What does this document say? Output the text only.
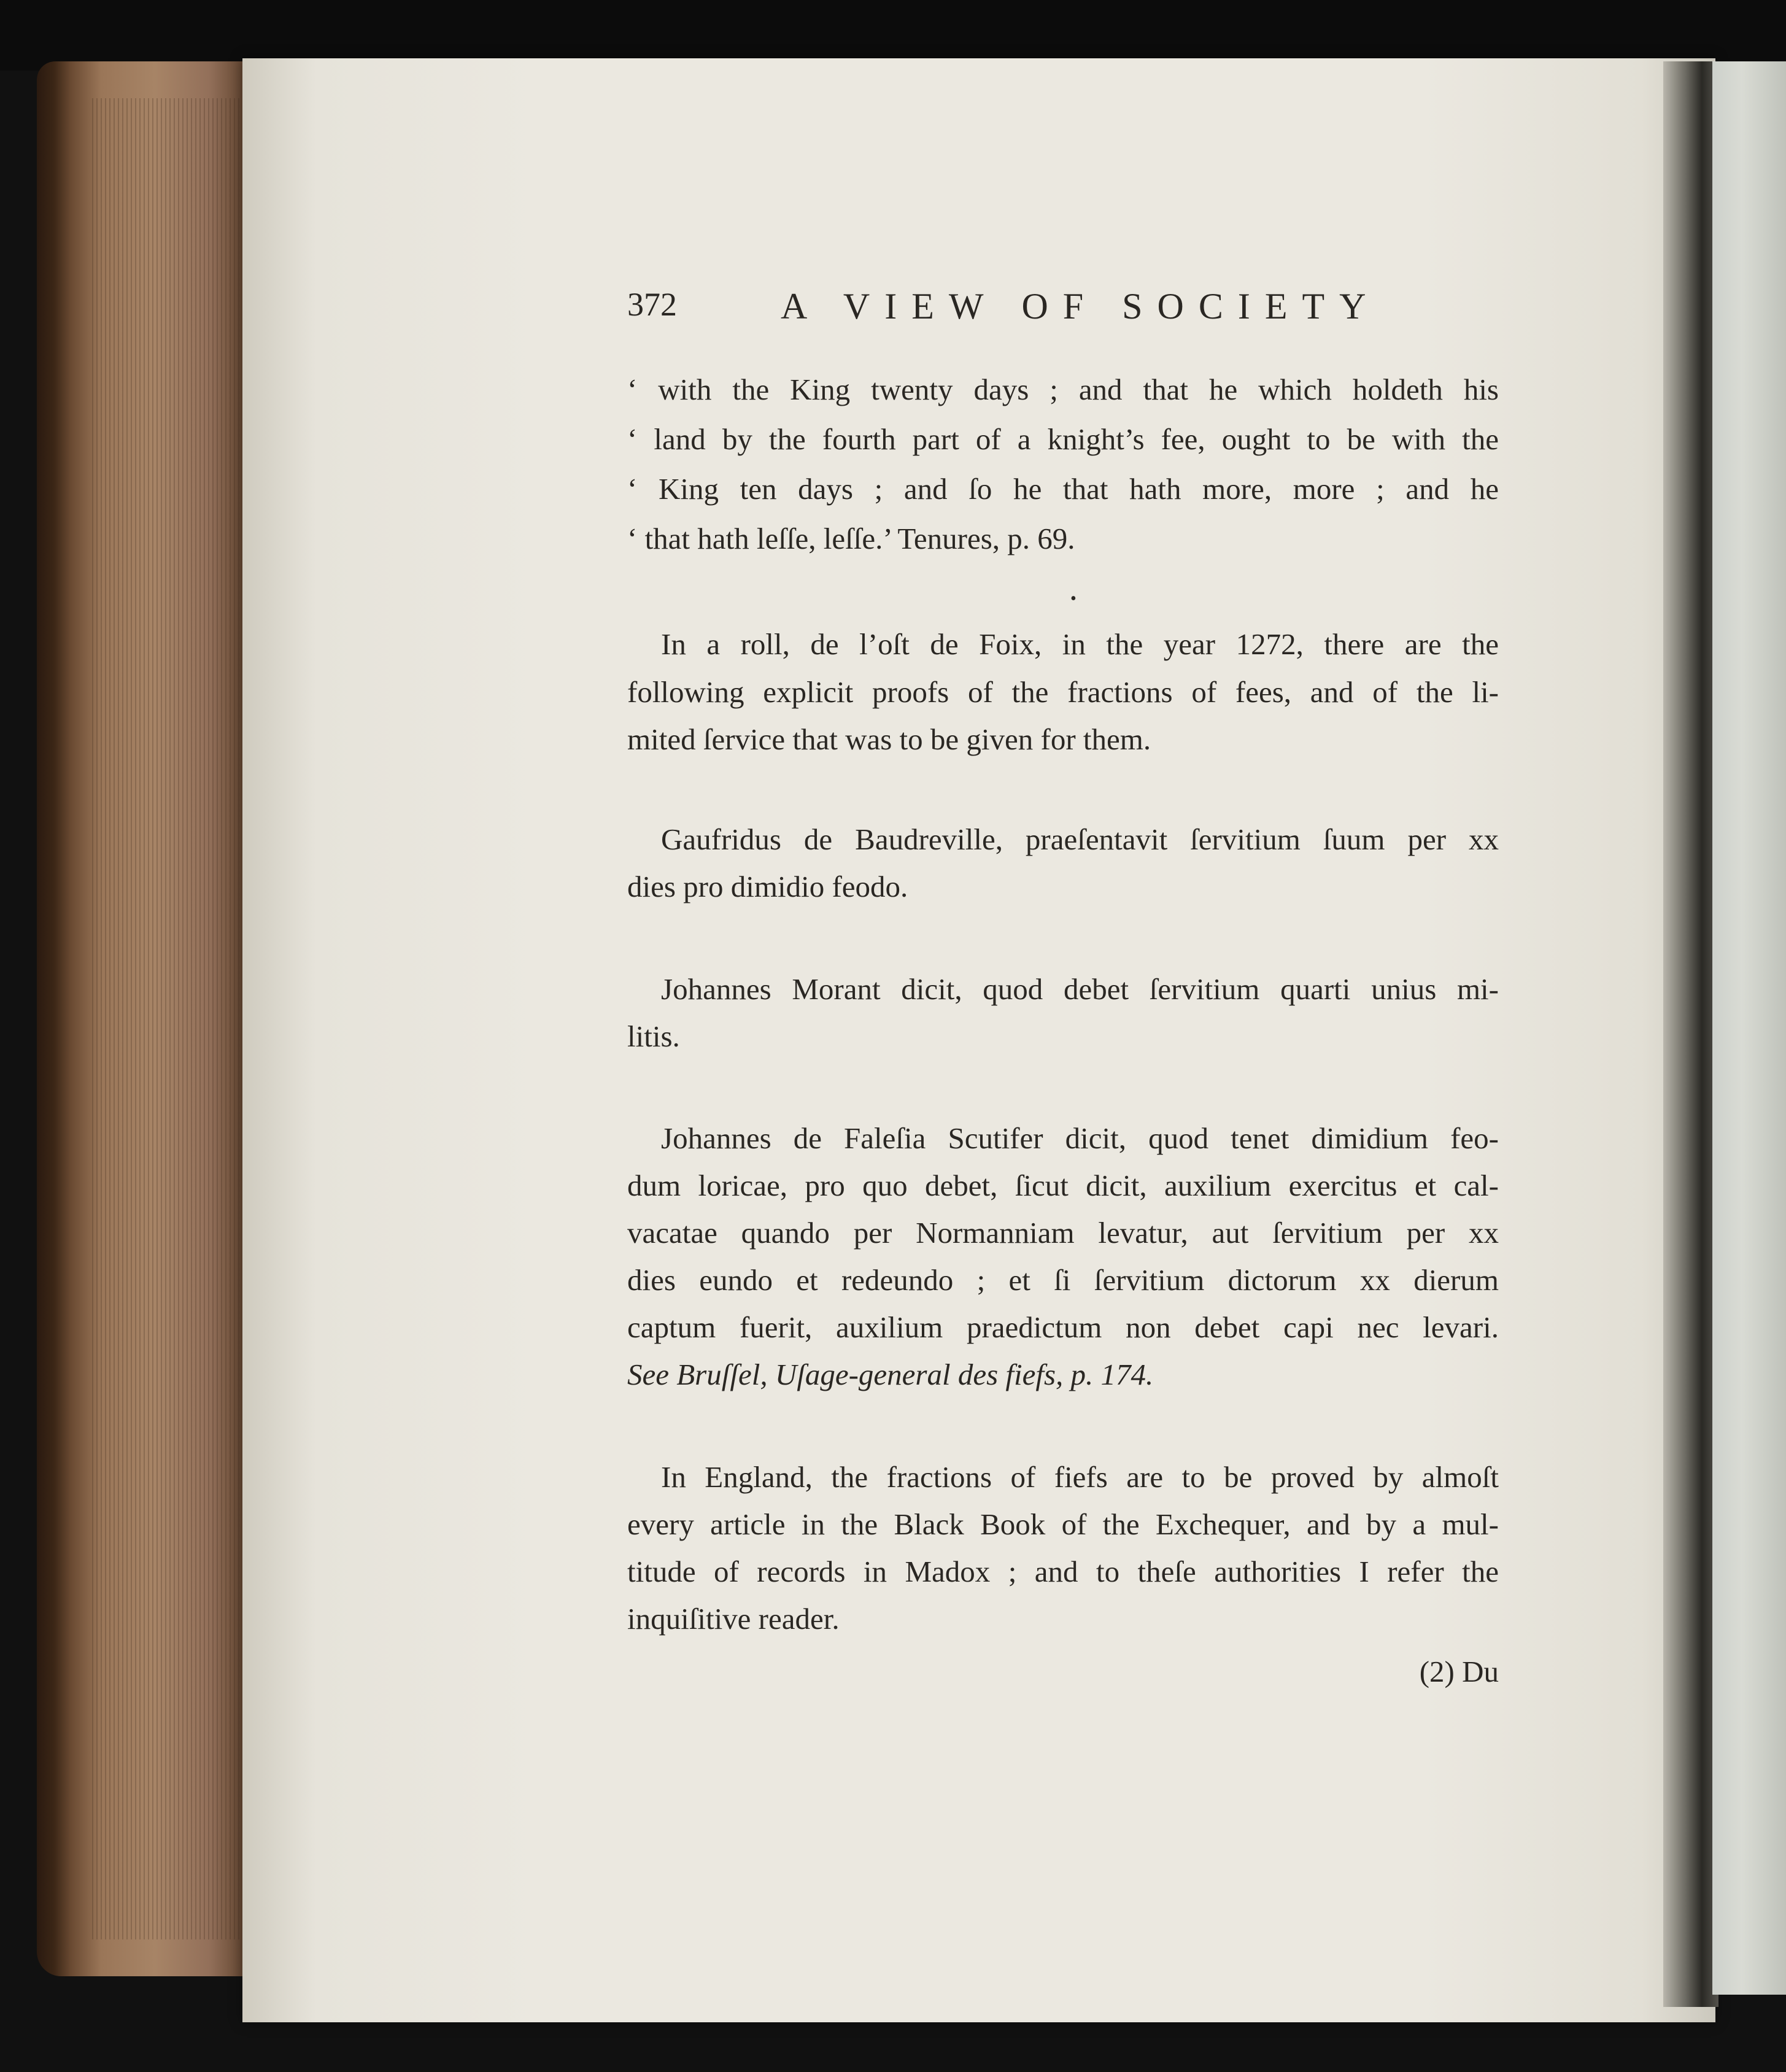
372	A VIEW OF SOCIETY
‘ with the King twenty days ; and that he which holdeth his
‘ land by the fourth part of a knight’s fee, ought to be with the
‘ King ten days ; and ſo he that hath more, more ; and he
‘ that hath leſſe, leſſe.’ Tenures, p. 69.
•
In a roll, de l’oſt de Foix, in the year 1272, there are the
following explicit proofs of the fractions of fees, and of the li-
mited ſervice that was to be given for them.
Gaufridus de Baudreville, praeſentavit ſervitium ſuum per xx
dies pro dimidio feodo.
Johannes Morant dicit, quod debet ſervitium quarti unius mi-
litis.
Johannes de Faleſia Scutifer dicit, quod tenet dimidium feo-
dum loricae, pro quo debet, ſicut dicit, auxilium exercitus et cal-
vacatae quando per Normanniam levatur, aut ſervitium per xx
dies eundo et redeundo ; et ſi ſervitium dictorum xx dierum
captum fuerit, auxilium praedictum non debet capi nec levari.
See Bruſſel, Uſage-general des fiefs, p. 174.
In England, the fractions of fiefs are to be proved by almoſt
every article in the Black Book of the Exchequer, and by a mul-
titude of records in Madox ; and to theſe authorities I refer the
inquiſitive reader.
(2) Du
